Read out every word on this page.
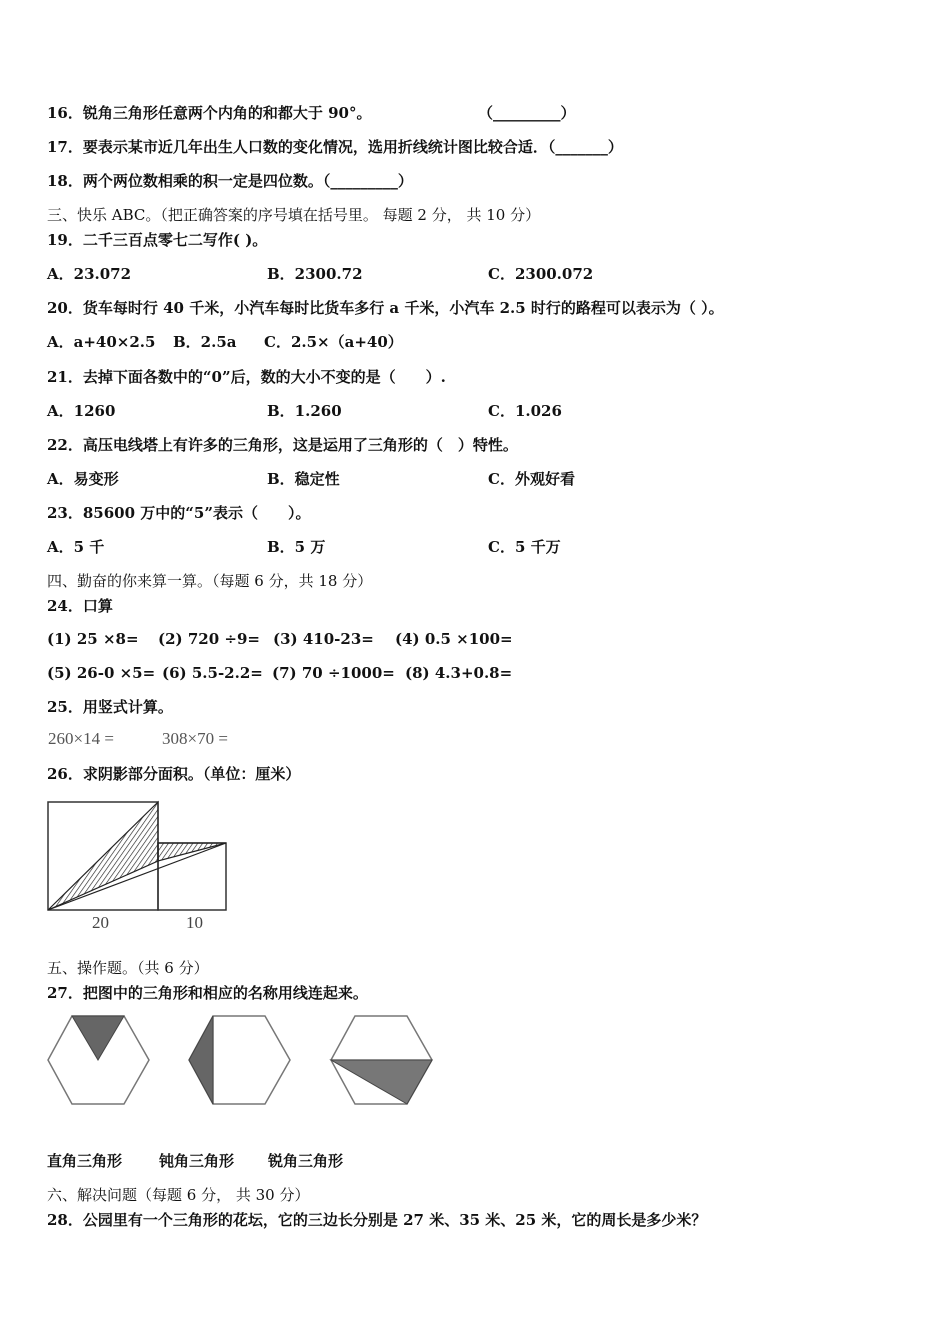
16．锐角三角形任意两个内角的和都大于 90°。	（_________）
17．要表示某市近几年出生人口数的变化情况，选用折线统计图比较合适．（_______）
18．两个两位数相乘的积一定是四位数。（_________）
三、快乐 ABC。（把正确答案的序号填在括号里。 每题 2 分， 共 10 分）
19．二千三百点零七二写作( )。
A．23.072	B．2300.72	C．2300.072
20．货车每时行 40 千米，小汽车每时比货车多行 a 千米，小汽车 2.5 时行的路程可以表示为（ ）。
A．a+40×2.5 B．2.5a C．2.5×（a+40）
21．去掉下面各数中的“0”后，数的大小不变的是（　　）.
A．1260	B．1.260	C．1.026
22．高压电线塔上有许多的三角形，这是运用了三角形的（　）特性。
A．易变形	B．稳定性	C．外观好看
23．85600 万中的“5”表示（　　）。
A．5 千	B．5 万	C．5 千万
四、勤奋的你来算一算。（每题 6 分，共 18 分）
24．口算
(1) 25 ×8= (2) 720 ÷9= (3) 410-23= (4) 0.5 ×100=
(5) 26-0 ×5= (6) 5.5-2.2= (7) 70 ÷1000= (8) 4.3+0.8=
25．用竖式计算。
260×14 =	308×70 =
26．求阴影部分面积。（单位：厘米）
20	10
五、操作题。（共 6 分）
27．把图中的三角形和相应的名称用线连起来。
直角三角形 钝角三角形 锐角三角形
六、解决问题（每题 6 分， 共 30 分）
28．公园里有一个三角形的花坛，它的三边长分别是 27 米、35 米、25 米，它的周长是多少米？
